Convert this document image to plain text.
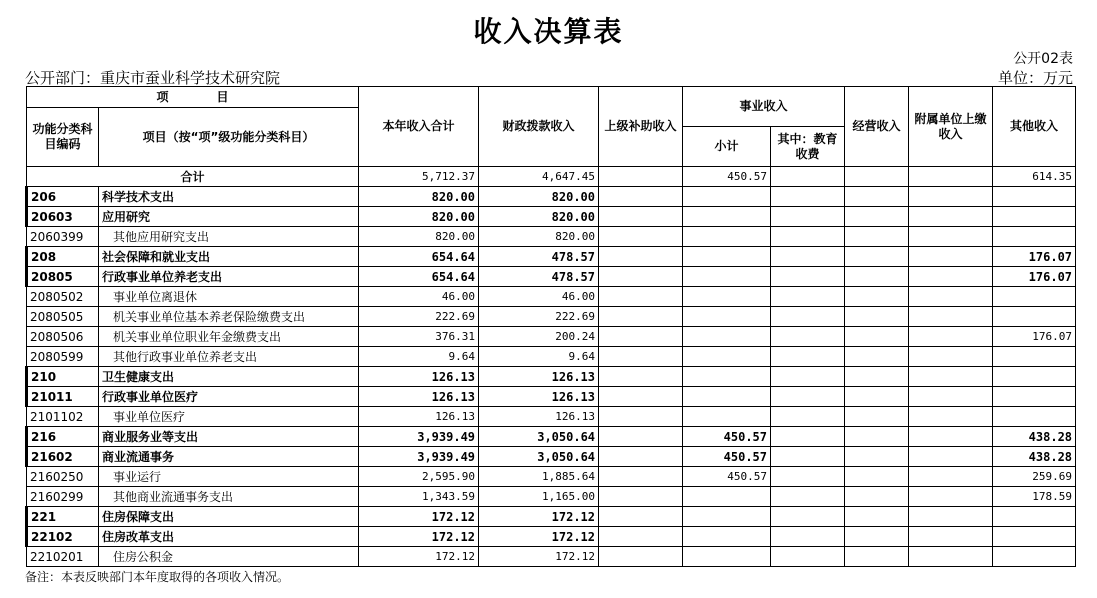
收入决算表
公开02表
公开部门：重庆市蚕业科学技术研究院	单位：万元
项　　　　目		本年收入合计	财政拨款收入	上级补助收入	事业收入		经营收入	附属单位上缴收入	其他收入
功能分类科目编码	项目（按“项”级功能分类科目）								
					小计	其中：教育收费			
合计		5,712.37	4,647.45		450.57				614.35
206	科学技术支出	820.00	820.00						
20603	应用研究	820.00	820.00						
2060399	其他应用研究支出	820.00	820.00						
208	社会保障和就业支出	654.64	478.57						176.07
20805	行政事业单位养老支出	654.64	478.57						176.07
2080502	事业单位离退休	46.00	46.00						
2080505	机关事业单位基本养老保险缴费支出	222.69	222.69						
2080506	机关事业单位职业年金缴费支出	376.31	200.24						176.07
2080599	其他行政事业单位养老支出	9.64	9.64						
210	卫生健康支出	126.13	126.13						
21011	行政事业单位医疗	126.13	126.13						
2101102	事业单位医疗	126.13	126.13						
216	商业服务业等支出	3,939.49	3,050.64		450.57				438.28
21602	商业流通事务	3,939.49	3,050.64		450.57				438.28
2160250	事业运行	2,595.90	1,885.64		450.57				259.69
2160299	其他商业流通事务支出	1,343.59	1,165.00						178.59
221	住房保障支出	172.12	172.12						
22102	住房改革支出	172.12	172.12						
2210201	住房公积金	172.12	172.12						
备注：本表反映部门本年度取得的各项收入情况。
